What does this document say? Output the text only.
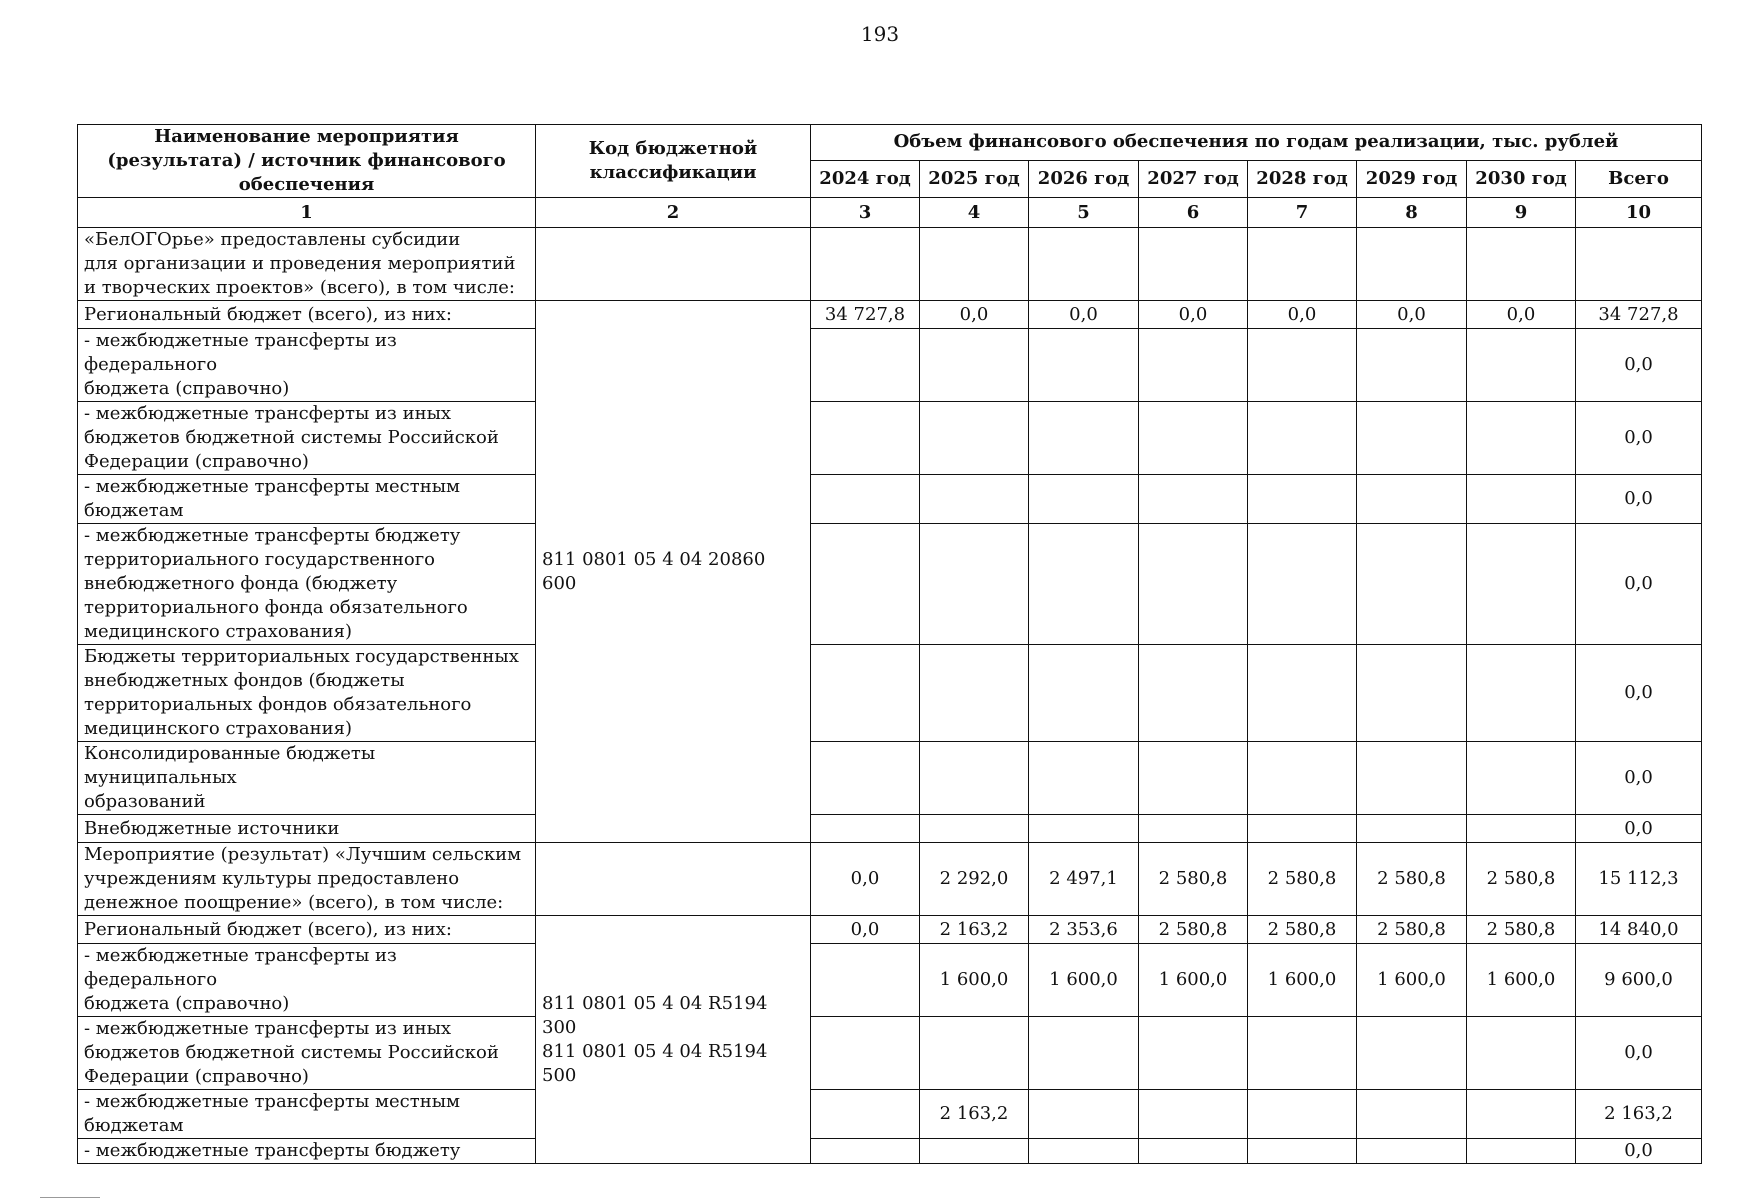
193
Наименование мероприятия (результата) / источник финансового обеспечения	Код бюджетной классификации	Объем финансового обеспечения по годам реализации, тыс. рублей							
		2024 год	2025 год	2026 год	2027 год	2028 год	2029 год	2030 год	Всего
1	2	3	4	5	6	7	8	9	10
«БелОГОрье» предоставлены субсидии
для организации и проведения мероприятий
и творческих проектов» (всего), в том числе:									
Региональный бюджет (всего), из них:	811 0801 05 4 04 20860 600	34 727,8	0,0	0,0	0,0	0,0	0,0	0,0	34 727,8
- межбюджетные трансферты из федерального
бюджета (справочно)									0,0
- межбюджетные трансферты из иных
бюджетов бюджетной системы Российской
Федерации (справочно)									0,0
- межбюджетные трансферты местным
бюджетам									0,0
- межбюджетные трансферты бюджету
территориального государственного
внебюджетного фонда (бюджету
территориального фонда обязательного
медицинского страхования)									0,0
Бюджеты территориальных государственных
внебюджетных фондов (бюджеты
территориальных фондов обязательного
медицинского страхования)									0,0
Консолидированные бюджеты муниципальных
образований									0,0
Внебюджетные источники									0,0
Мероприятие (результат) «Лучшим сельским
учреждениям культуры предоставлено
денежное поощрение» (всего), в том числе:		0,0	2 292,0	2 497,1	2 580,8	2 580,8	2 580,8	2 580,8	15 112,3
Региональный бюджет (всего), из них:	811 0801 05 4 04 R5194 300
811 0801 05 4 04 R5194 500	0,0	2 163,2	2 353,6	2 580,8	2 580,8	2 580,8	2 580,8	14 840,0
- межбюджетные трансферты из федерального
бюджета (справочно)			1 600,0	1 600,0	1 600,0	1 600,0	1 600,0	1 600,0	9 600,0
- межбюджетные трансферты из иных
бюджетов бюджетной системы Российской
Федерации (справочно)									0,0
- межбюджетные трансферты местным
бюджетам			2 163,2						2 163,2
- межбюджетные трансферты бюджету									0,0
